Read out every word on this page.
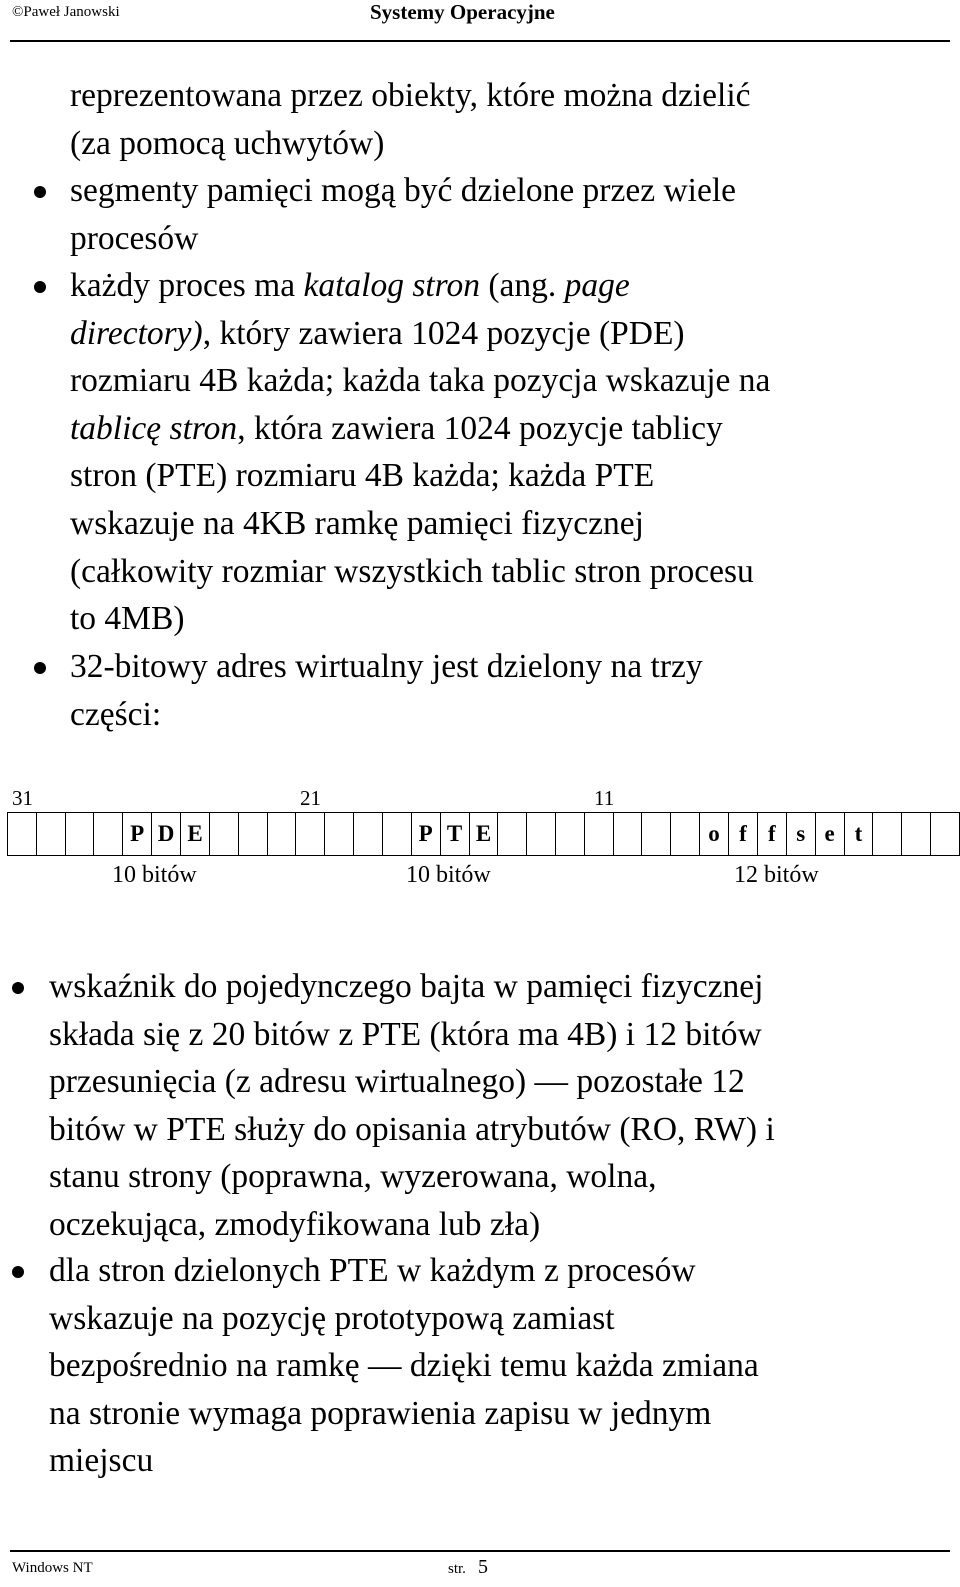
©Paweł Janowski	Systemy Operacyjne
reprezentowana przez obiekty, które można dzielić
(za pomocą uchwytów)
segmenty pamięci mogą być dzielone przez wiele
procesów
każdy proces ma katalog stron (ang. page
directory), który zawiera 1024 pozycje (PDE)
rozmiaru 4B każda; każda taka pozycja wskazuje na
tablicę stron, która zawiera 1024 pozycje tablicy
stron (PTE) rozmiaru 4B każda; każda PTE
wskazuje na 4KB ramkę pamięci fizycznej
(całkowity rozmiar wszystkich tablic stron procesu
to 4MB)
32-bitowy adres wirtualny jest dzielony na trzy
części:
31	21	11
				P	D	E								P	T	E								o	f	f	s	e	t			
10 bitów	10 bitów	12 bitów
wskaźnik do pojedynczego bajta w pamięci fizycznej
składa się z 20 bitów z PTE (która ma 4B) i 12 bitów
przesunięcia (z adresu wirtualnego) — pozostałe 12
bitów w PTE służy do opisania atrybutów (RO, RW) i
stanu strony (poprawna, wyzerowana, wolna,
oczekująca, zmodyfikowana lub zła)
dla stron dzielonych PTE w każdym z procesów
wskazuje na pozycję prototypową zamiast
bezpośrednio na ramkę — dzięki temu każda zmiana
na stronie wymaga poprawienia zapisu w jednym
miejscu
Windows NT	str. 5
